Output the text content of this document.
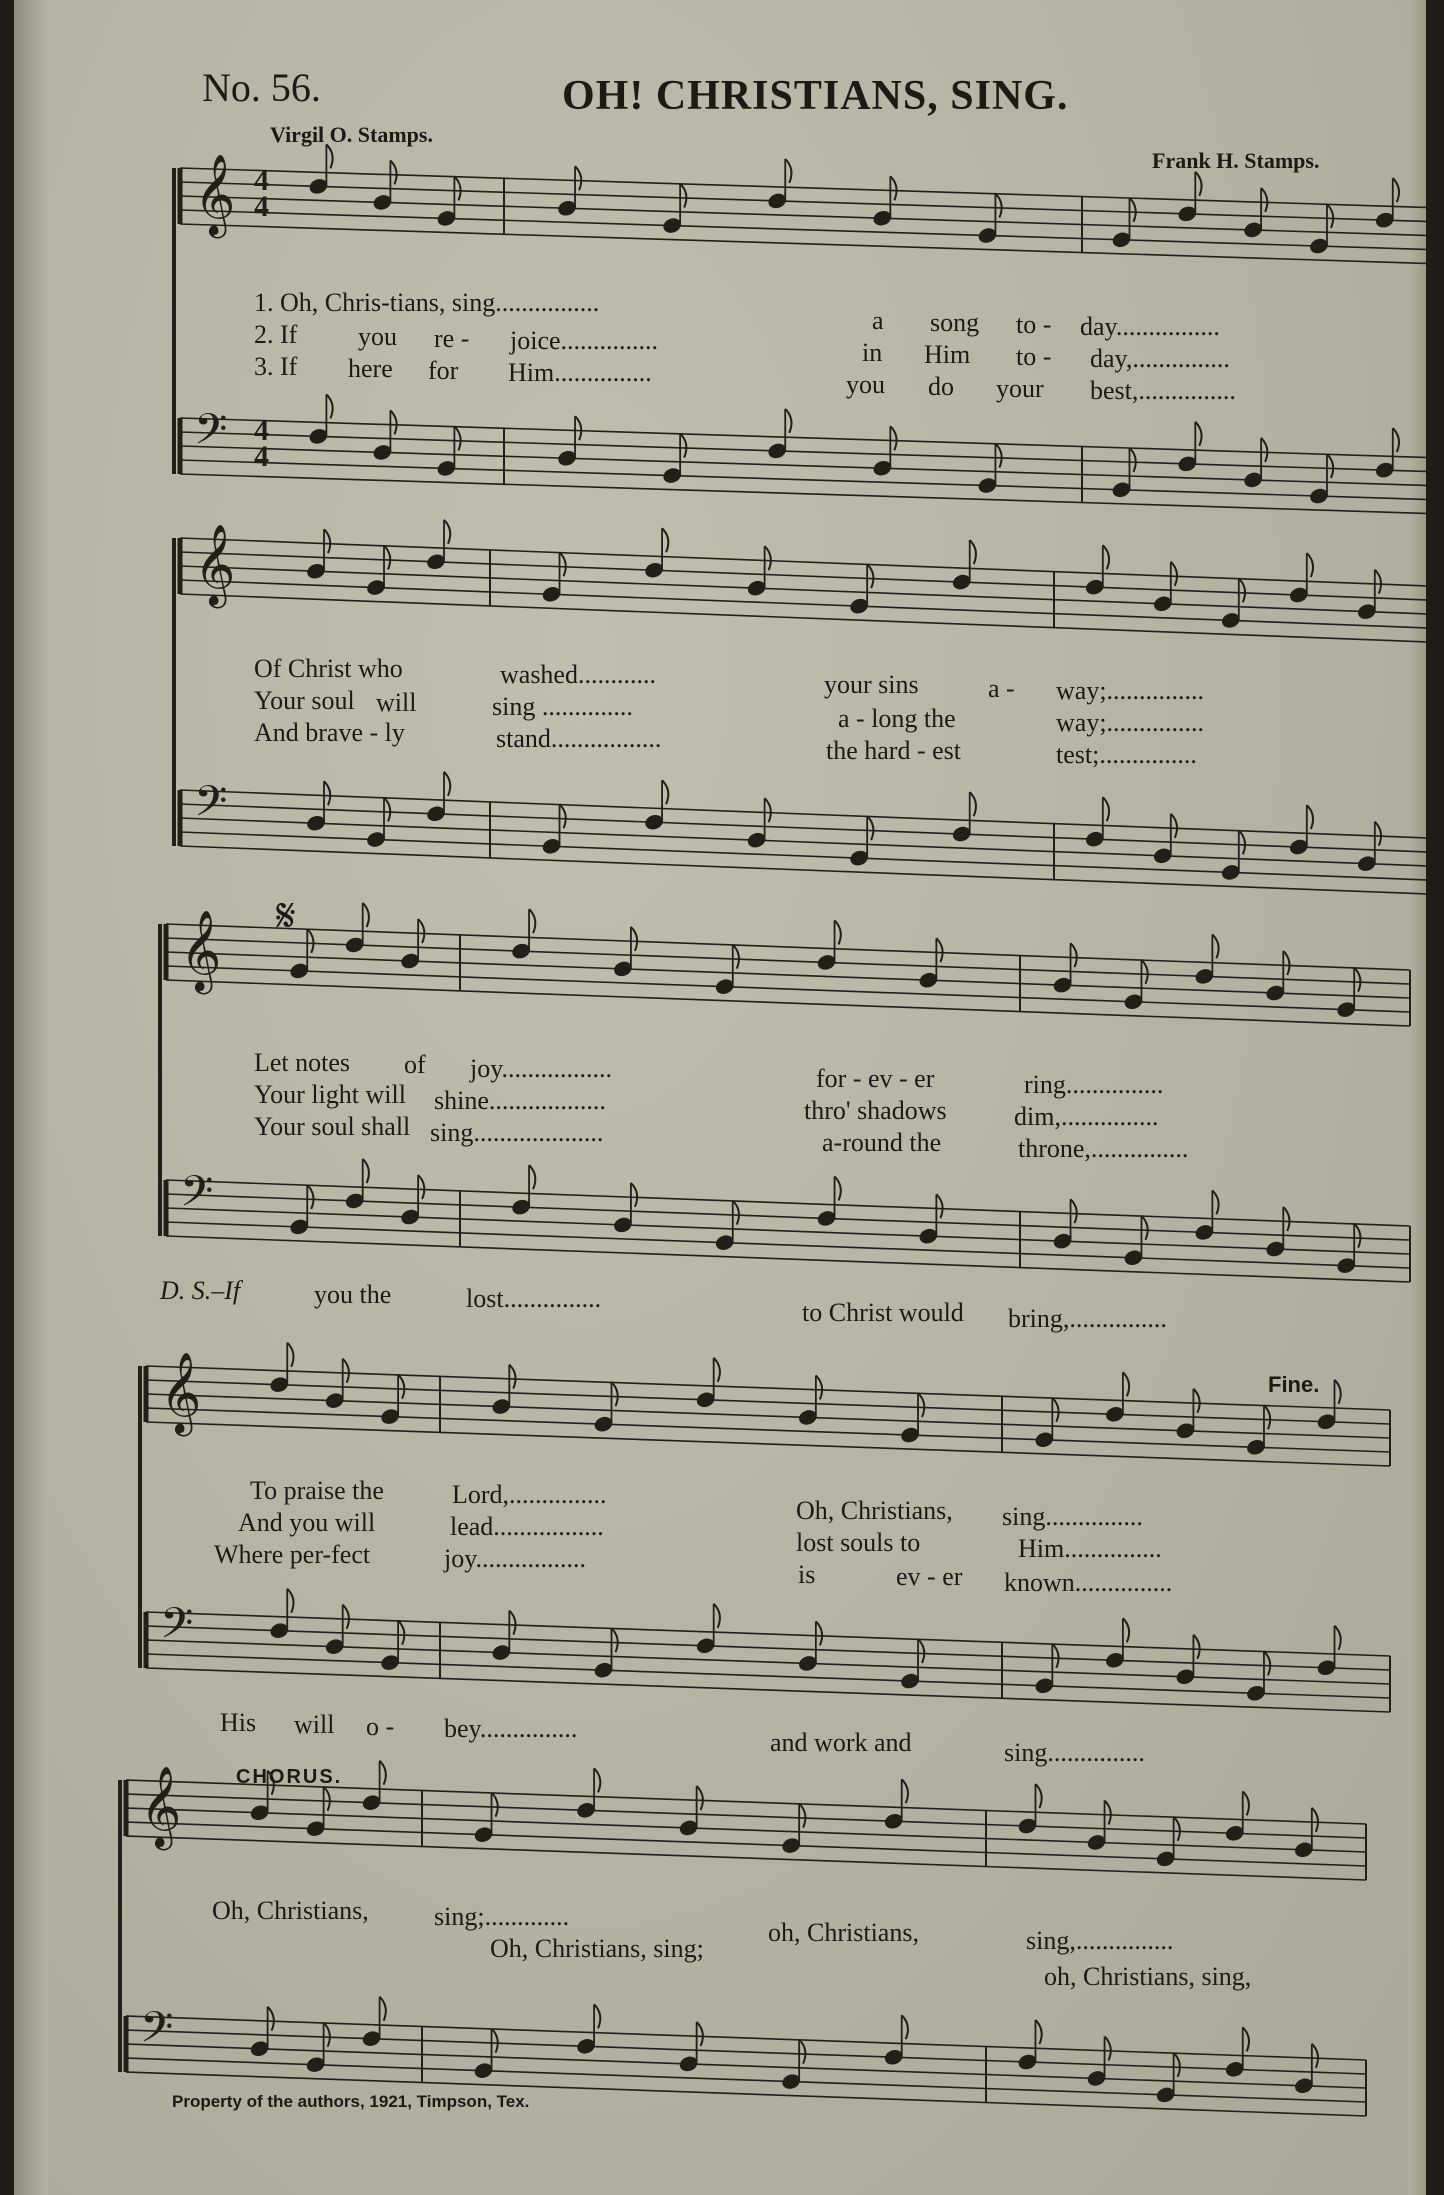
No. 56.	OH! CHRISTIANS, SING.
Virgil O. Stamps.
Frank H. Stamps.
𝄞
𝄢
𝄞
𝄢
𝄞
𝄢
𝄞
𝄢
𝄞
𝄢
4
4
4
4
𝄋
Fine.
CHORUS.
1. Oh, Chris-tians, sing................
a song to - day................
2. If you re - joice...............	in Him to - day,...............
3. If here for Him...............	you do your best,...............
Of Christ who	washed............	your sins	a - way;...............
Your soul will	sing ..............	a - long the	way;...............
And brave - ly	stand.................	the hard - est	test;...............
Let notes of joy.................	for - ev - er	ring...............
Your light will shine..................	thro' shadows	dim,...............
Your soul shall sing....................	a-round the	throne,...............
D. S.–If	you the	lost...............	to Christ would bring,...............
To praise the	Lord,...............
Oh, Christians, sing...............
And you will	lead.................
lost souls to	Him...............
Where per-fect	joy.................
is	ev - er known...............
His will o - bey...............	and work and	sing...............
Oh, Christians,	sing;.............
oh, Christians,	sing,...............
Oh, Christians, sing;
oh, Christians, sing,
Property of the authors, 1921, Timpson, Tex.
